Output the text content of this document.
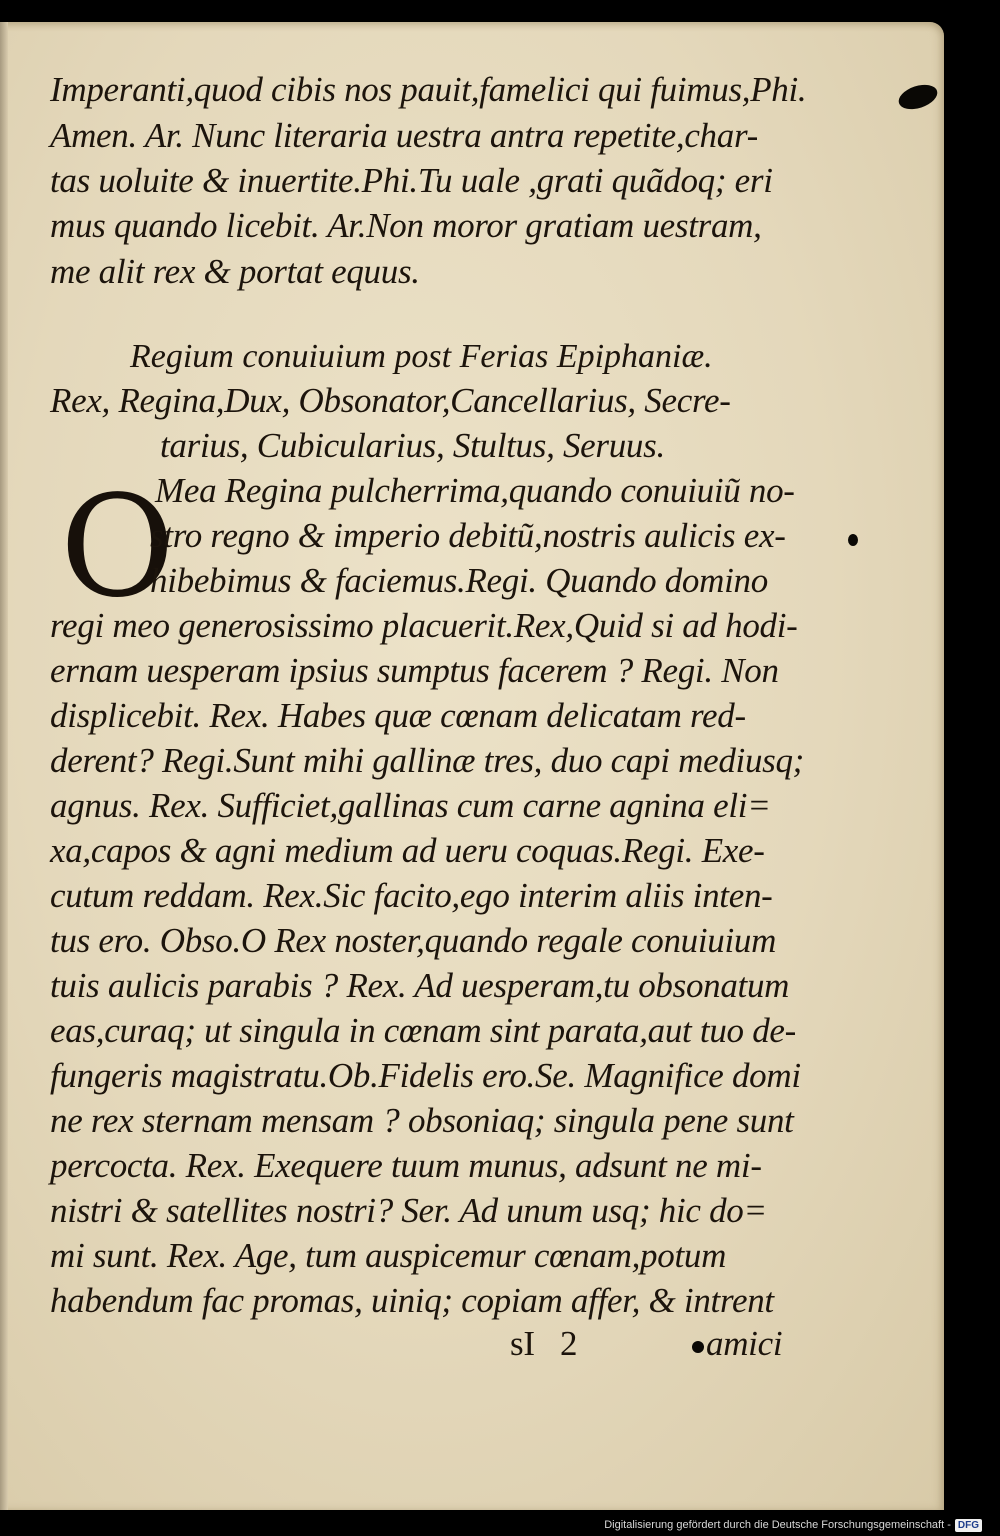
Imperanti,quod cibis nos pauit,famelici qui fuimus,Phi.
Amen. Ar. Nunc literaria uestra antra repetite,char-
tas uoluite & inuertite.Phi.Tu uale ,grati quãdoq; eri
mus quando licebit. Ar.Non moror gratiam uestram,
me alit rex & portat equus.
Regium conuiuium post Ferias Epiphaniæ.
Rex, Regina,Dux, Obsonator,Cancellarius, Secre-
tarius, Cubicularius, Stultus, Seruus.
O
Mea Regina pulcherrima,quando conuiuiũ no-
stro regno & imperio debitũ,nostris aulicis ex-
hibebimus & faciemus.Regi. Quando domino
regi meo generosissimo placuerit.Rex,Quid si ad hodi-
ernam uesperam ipsius sumptus facerem ? Regi. Non
displicebit. Rex. Habes quæ cœnam delicatam red-
derent? Regi.Sunt mihi gallinæ tres, duo capi mediusq;
agnus. Rex. Sufficiet,gallinas cum carne agnina eli=
xa,capos & agni medium ad ueru coquas.Regi. Exe-
cutum reddam. Rex.Sic facito,ego interim aliis inten-
tus ero. Obso.O Rex noster,quando regale conuiuium
tuis aulicis parabis ? Rex. Ad uesperam,tu obsonatum
eas,curaq; ut singula in cœnam sint parata,aut tuo de-
fungeris magistratu.Ob.Fidelis ero.Se. Magnifice domi
ne rex sternam mensam ? obsoniaq; singula pene sunt
percocta. Rex. Exequere tuum munus, adsunt ne mi-
nistri & satellites nostri? Ser. Ad unum usq; hic do=
mi sunt. Rex. Age, tum auspicemur cœnam,potum
habendum fac promas, uiniq; copiam affer, & intrent
sI   2	amici
Digitalisierung gefördert durch die Deutsche Forschungsgemeinschaft - DFG
